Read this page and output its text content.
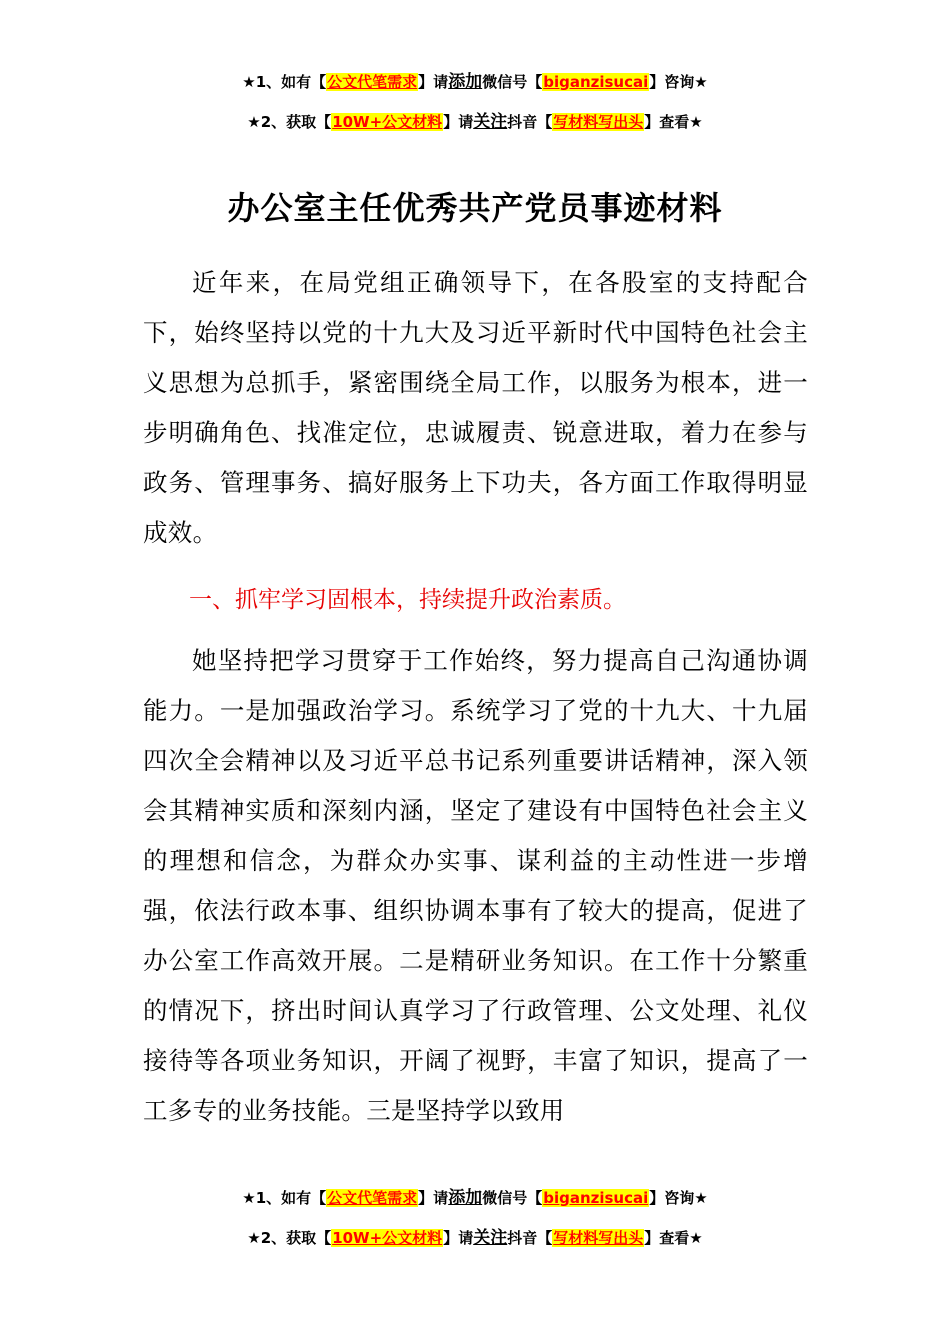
★1、如有【公文代笔需求】请添加微信号【biganzisucai】咨询★
★2、获取【10W+公文材料】请关注抖音【写材料写出头】查看★
办公室主任优秀共产党员事迹材料

近年来，在局党组正确领导下，在各股室的支持配合下，始终坚持以党的十九大及习近平新时代中国特色社会主义思想为总抓手，紧密围绕全局工作，以服务为根本，进一步明确角色、找准定位，忠诚履责、锐意进取，着力在参与政务、管理事务、搞好服务上下功夫，各方面工作取得明显成效。

一、抓牢学习固根本，持续提升政治素质。

她坚持把学习贯穿于工作始终，努力提高自己沟通协调能力。一是加强政治学习。系统学习了党的十九大、十九届四次全会精神以及习近平总书记系列重要讲话精神，深入领会其精神实质和深刻内涵，坚定了建设有中国特色社会主义的理想和信念，为群众办实事、谋利益的主动性进一步增强，依法行政本事、组织协调本事有了较大的提高，促进了办公室工作高效开展。二是精研业务知识。在工作十分繁重的情况下，挤出时间认真学习了行政管理、公文处理、礼仪接待等各项业务知识，开阔了视野，丰富了知识，提高了一工多专的业务技能。三是坚持学以致用

★1、如有【公文代笔需求】请添加微信号【biganzisucai】咨询★
★2、获取【10W+公文材料】请关注抖音【写材料写出头】查看★
